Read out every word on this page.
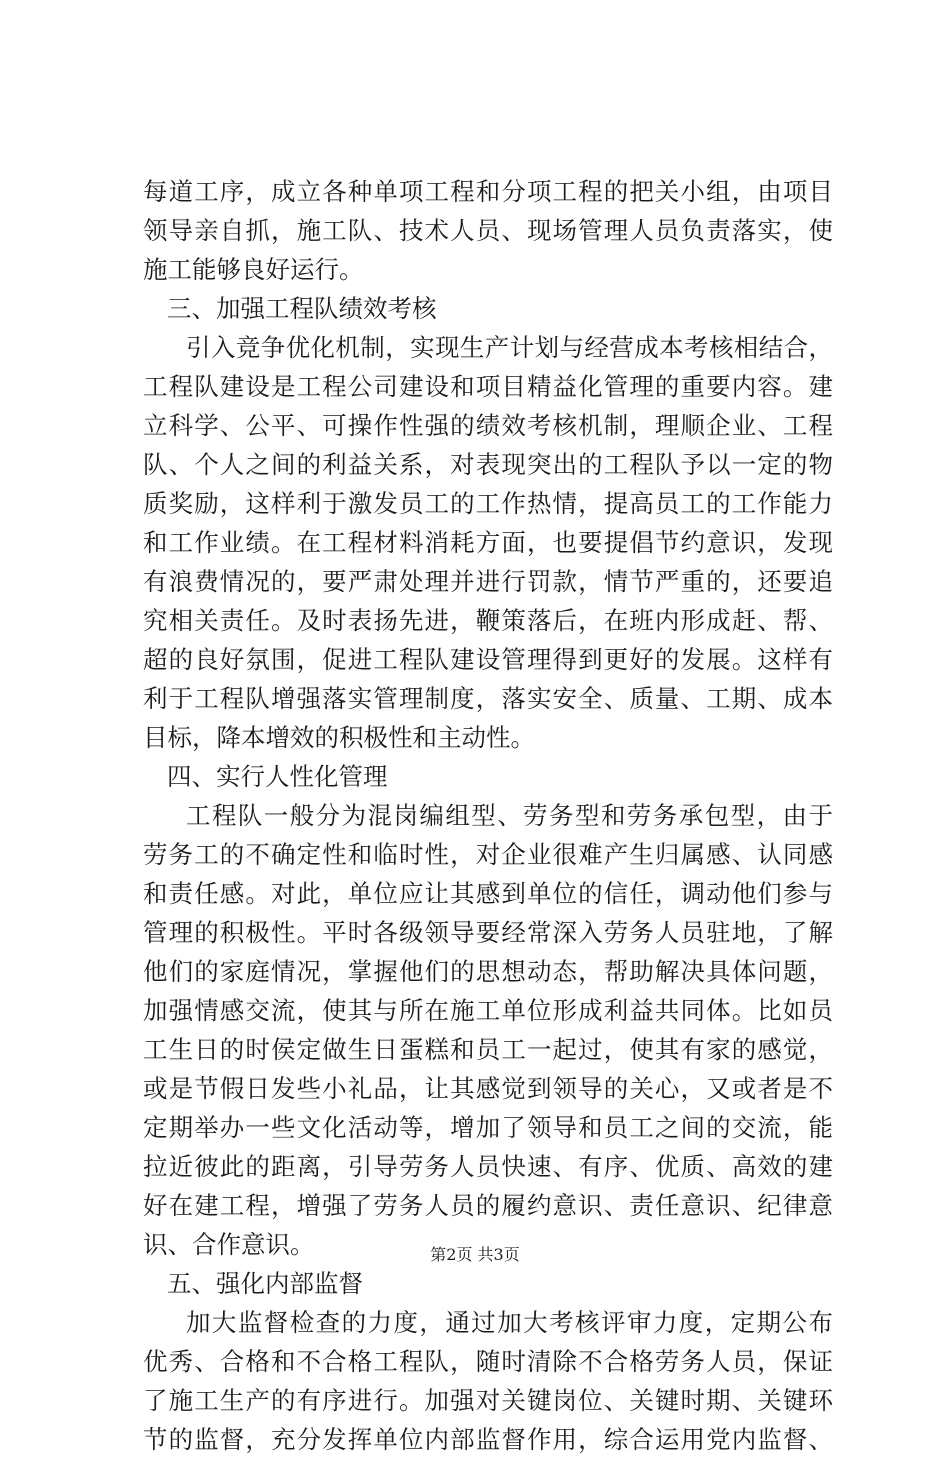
每道工序，成立各种单项工程和分项工程的把关小组，由项目
领导亲自抓，施工队、技术人员、现场管理人员负责落实，使
施工能够良好运行。
三、加强工程队绩效考核
引入竞争优化机制，实现生产计划与经营成本考核相结合，
工程队建设是工程公司建设和项目精益化管理的重要内容。建
立科学、公平、可操作性强的绩效考核机制，理顺企业、工程
队、个人之间的利益关系，对表现突出的工程队予以一定的物
质奖励，这样利于激发员工的工作热情，提高员工的工作能力
和工作业绩。在工程材料消耗方面，也要提倡节约意识，发现
有浪费情况的，要严肃处理并进行罚款，情节严重的，还要追
究相关责任。及时表扬先进，鞭策落后，在班内形成赶、帮、
超的良好氛围，促进工程队建设管理得到更好的发展。这样有
利于工程队增强落实管理制度，落实安全、质量、工期、成本
目标，降本增效的积极性和主动性。
四、实行人性化管理
工程队一般分为混岗编组型、劳务型和劳务承包型，由于
劳务工的不确定性和临时性，对企业很难产生归属感、认同感
和责任感。对此，单位应让其感到单位的信任，调动他们参与
管理的积极性。平时各级领导要经常深入劳务人员驻地，了解
他们的家庭情况，掌握他们的思想动态，帮助解决具体问题，
加强情感交流，使其与所在施工单位形成利益共同体。比如员
工生日的时侯定做生日蛋糕和员工一起过，使其有家的感觉，
或是节假日发些小礼品，让其感觉到领导的关心，又或者是不
定期举办一些文化活动等，增加了领导和员工之间的交流，能
拉近彼此的距离，引导劳务人员快速、有序、优质、高效的建
好在建工程，增强了劳务人员的履约意识、责任意识、纪律意
识、合作意识。
五、强化内部监督
加大监督检查的力度，通过加大考核评审力度，定期公布
优秀、合格和不合格工程队，随时清除不合格劳务人员，保证
了施工生产的有序进行。加强对关键岗位、关键时期、关键环
节的监督，充分发挥单位内部监督作用，综合运用党内监督、
第2页 共3页
